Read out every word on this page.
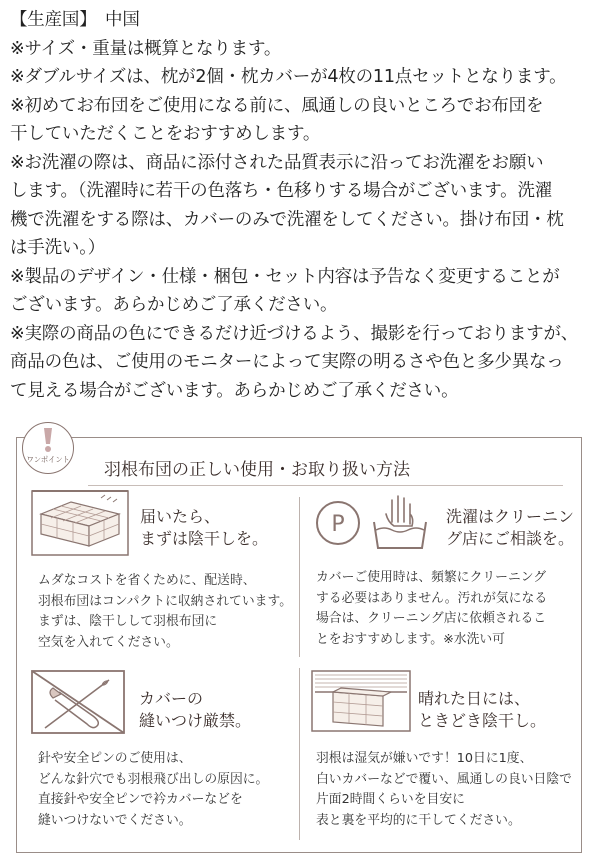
【生産国】　中国
※サイズ・重量は概算となります。
※ダブルサイズは、枕が2個・枕カバーが4枚の11点セットとなります。
※初めてお布団をご使用になる前に、風通しの良いところでお布団を
干していただくことをおすすめします。
※お洗濯の際は、商品に添付された品質表示に沿ってお洗濯をお願い
します。（洗濯時に若干の色落ち・色移りする場合がございます。洗濯
機で洗濯をする際は、カバーのみで洗濯をしてください。掛け布団・枕
は手洗い。）
※製品のデザイン・仕様・梱包・セット内容は予告なく変更することが
ございます。あらかじめご了承ください。
※実際の商品の色にできるだけ近づけるよう、撮影を行っておりますが、
商品の色は、ご使用のモニターによって実際の明るさや色と多少異なっ
て見える場合がございます。あらかじめご了承ください。
ワンポイント
羽根布団の正しい使用・お取り扱い方法
届いたら、
まずは陰干しを。
ムダなコストを省くために、配送時、
羽根布団はコンパクトに収納されています。
まずは、陰干しして羽根布団に
空気を入れてください。
P	洗濯はクリーニン
グ店にご相談を。
カバーご使用時は、頻繁にクリーニング
する必要はありません。汚れが気になる
場合は、クリーニング店に依頼されるこ
とをおすすめします。※水洗い可
カバーの
縫いつけ厳禁。
針や安全ピンのご使用は、
どんな針穴でも羽根飛び出しの原因に。
直接針や安全ピンで衿カバーなどを
縫いつけないでください。
晴れた日には、
ときどき陰干し。
羽根は湿気が嫌いです！10日に1度、
白いカバーなどで覆い、風通しの良い日陰で
片面2時間くらいを目安に
表と裏を平均的に干してください。
